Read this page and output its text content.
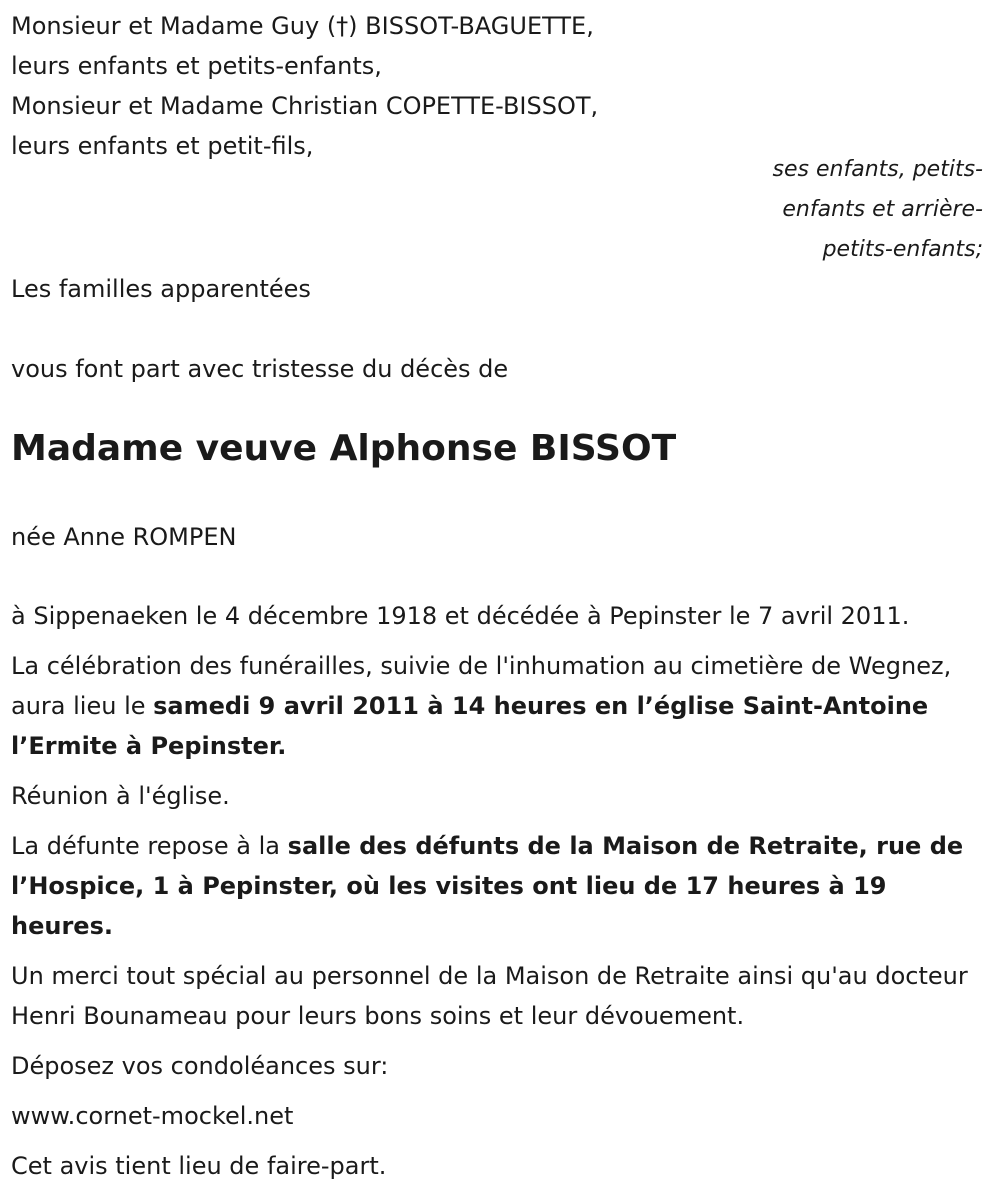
Monsieur et Madame Guy (†) BISSOT-BAGUETTE,

leurs enfants et petits-enfants,

Monsieur et Madame Christian COPETTE-BISSOT,

leurs enfants et petit-fils,

ses enfants, petits-

enfants et arrière-

petits-enfants;

Les familles apparentées

vous font part avec tristesse du décès de

Madame veuve Alphonse BISSOT

née Anne ROMPEN

à Sippenaeken le 4 décembre 1918 et décédée à Pepinster le 7 avril 2011.

La célébration des funérailles, suivie de l'inhumation au cimetière de Wegnez, aura lieu le samedi 9 avril 2011 à 14 heures en l’église Saint-Antoine l’Ermite à Pepinster.

Réunion à l'église.

La défunte repose à la salle des défunts de la Maison de Retraite, rue de l’Hospice, 1 à Pepinster, où les visites ont lieu de 17 heures à 19 heures.

Un merci tout spécial au personnel de la Maison de Retraite ainsi qu'au docteur Henri Bounameau pour leurs bons soins et leur dévouement.

Déposez vos condoléances sur:

www.cornet-mockel.net

Cet avis tient lieu de faire-part.
